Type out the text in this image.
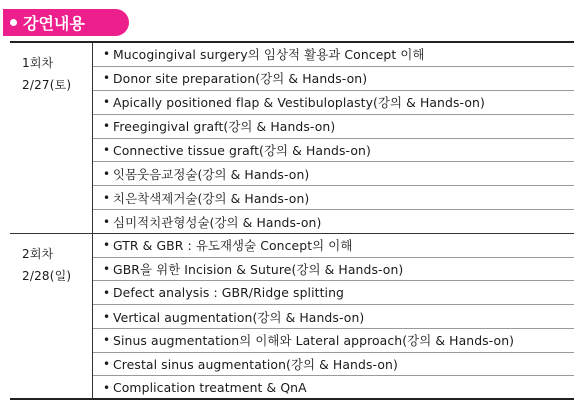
강연내용
1회차
2/27(토)
• Mucogingival surgery의 임상적 활용과 Concept 이해
• Donor site preparation(강의 & Hands-on)
• Apically positioned flap & Vestibuloplasty(강의 & Hands-on)
• Freegingival graft(강의 & Hands-on)
• Connective tissue graft(강의 & Hands-on)
• 잇몸웃음교정술(강의 & Hands-on)
• 치은착색제거술(강의 & Hands-on)
• 심미적치관형성술(강의 & Hands-on)
2회차
2/28(일)
• GTR & GBR : 유도재생술 Concept의 이해
• GBR을 위한 Incision & Suture(강의 & Hands-on)
• Defect analysis : GBR/Ridge splitting
• Vertical augmentation(강의 & Hands-on)
• Sinus augmentation의 이해와 Lateral approach(강의 & Hands-on)
• Crestal sinus augmentation(강의 & Hands-on)
• Complication treatment & QnA
